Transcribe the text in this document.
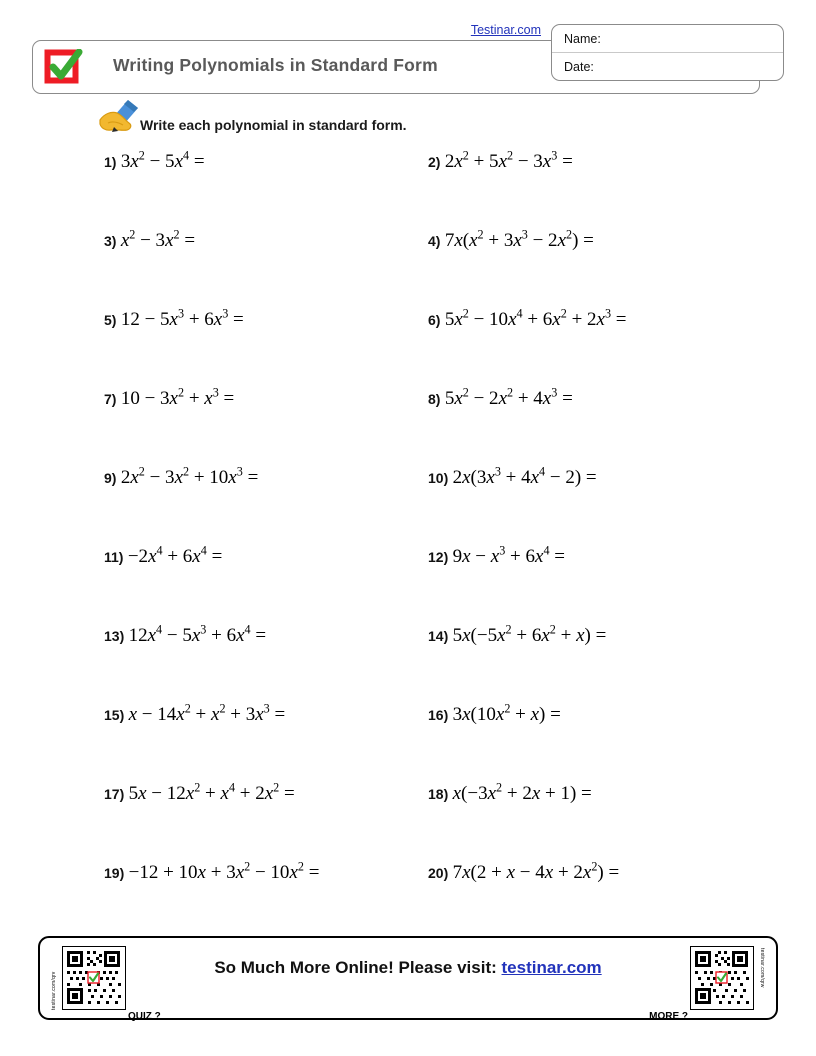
Testinar.com
Writing Polynomials in Standard Form
Name:
Date:
Write each polynomial in standard form.
1) $3x^2 - 5x^4$ =	2) $2x^2 + 5x^2 - 3x^3$ =
3) $x^2 - 3x^2$ =	4) $7x(x^2 + 3x^3 - 2x^2)$ =
5) $12 - 5x^3 + 6x^3$ =	6) $5x^2 - 10x^4 + 6x^2 + 2x^3$ =
7) $10 - 3x^2 + x^3$ =	8) $5x^2 - 2x^2 + 4x^3$ =
9) $2x^2 - 3x^2 + 10x^3$ =	10) $2x(3x^3 + 4x^4 - 2)$ =
$11) -2x^4 + 6x^4$ =	12) $9x - x^3 + 6x^4$ =
13) $12x^4 - 5x^3 + 6x^4$ =	14) $5x(-5x^2 + 6x^2 + x)$ =
15) $x - 14x^2 + x^2 + 3x^3$ =	16) $3x(10x^2 + x)$ =
17) $5x - 12x^2 + x^4 + 2x^2$ =	18) $x(-3x^2 + 2x + 1)$ =
$19) -12 + 10x + 3x^2 - 10x^2$ =	20) $7x(2 + x - 4x + 2x^2)$ =
testinar.com/qrv
QUIZ ?
So Much More Online! Please visit: testinar.com	testinar.com/qrw
MORE ?
